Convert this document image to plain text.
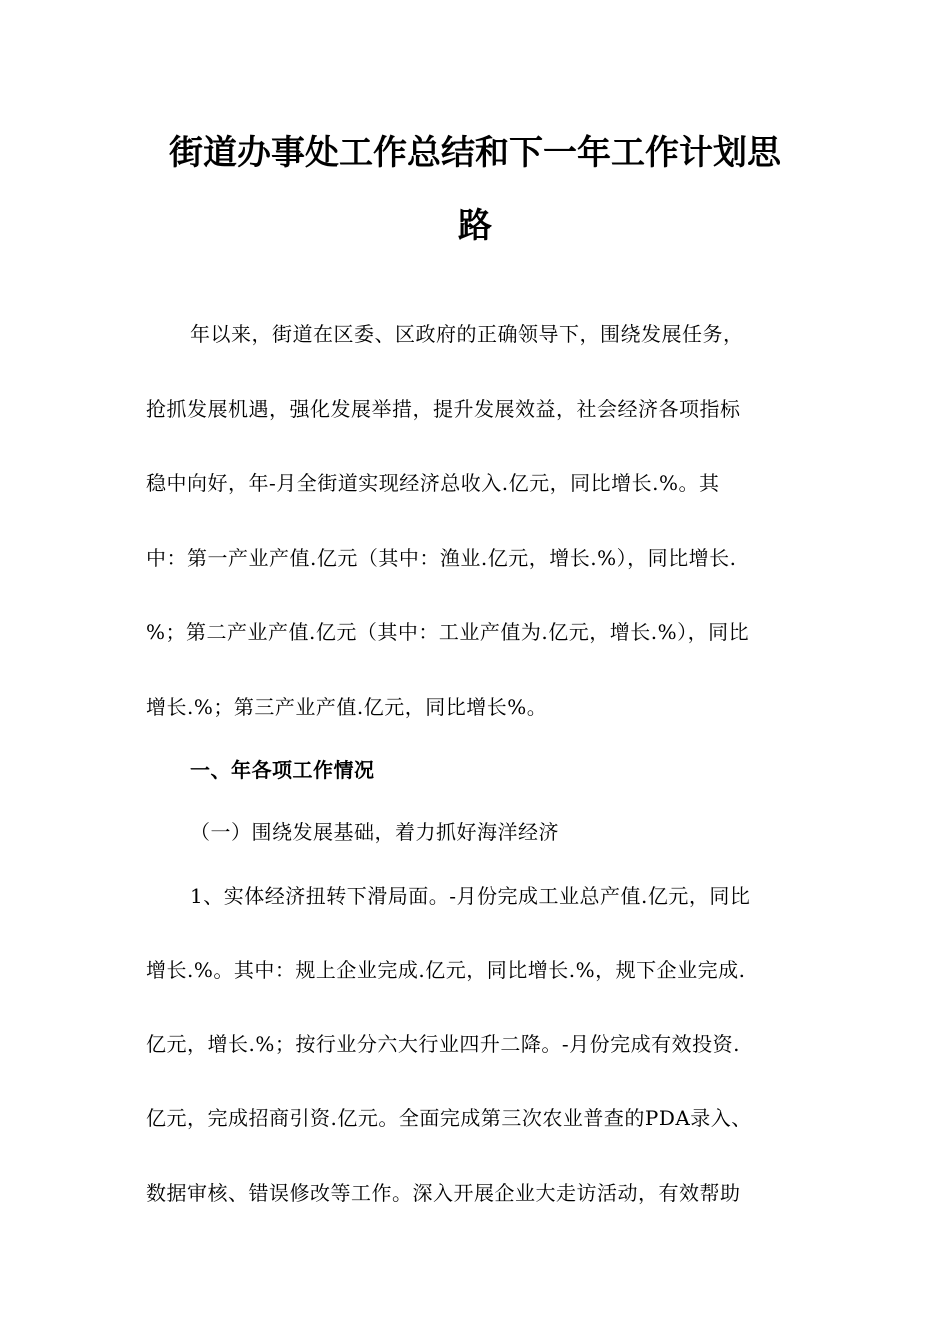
街道办事处工作总结和下一年工作计划思
路

年以来，街道在区委、区政府的正确领导下，围绕发展任务，

抢抓发展机遇，强化发展举措，提升发展效益，社会经济各项指标

稳中向好，年-月全街道实现经济总收入.亿元，同比增长.%。其

中：第一产业产值.亿元（其中：渔业.亿元，增长.%），同比增长.

%；第二产业产值.亿元（其中：工业产值为.亿元，增长.%），同比

增长.%；第三产业产值.亿元，同比增长%。

一、年各项工作情况

（一）围绕发展基础，着力抓好海洋经济

1、实体经济扭转下滑局面。-月份完成工业总产值.亿元，同比

增长.%。其中：规上企业完成.亿元，同比增长.%，规下企业完成.

亿元，增长.%；按行业分六大行业四升二降。-月份完成有效投资.

亿元，完成招商引资.亿元。全面完成第三次农业普查的PDA录入、

数据审核、错误修改等工作。深入开展企业大走访活动，有效帮助
